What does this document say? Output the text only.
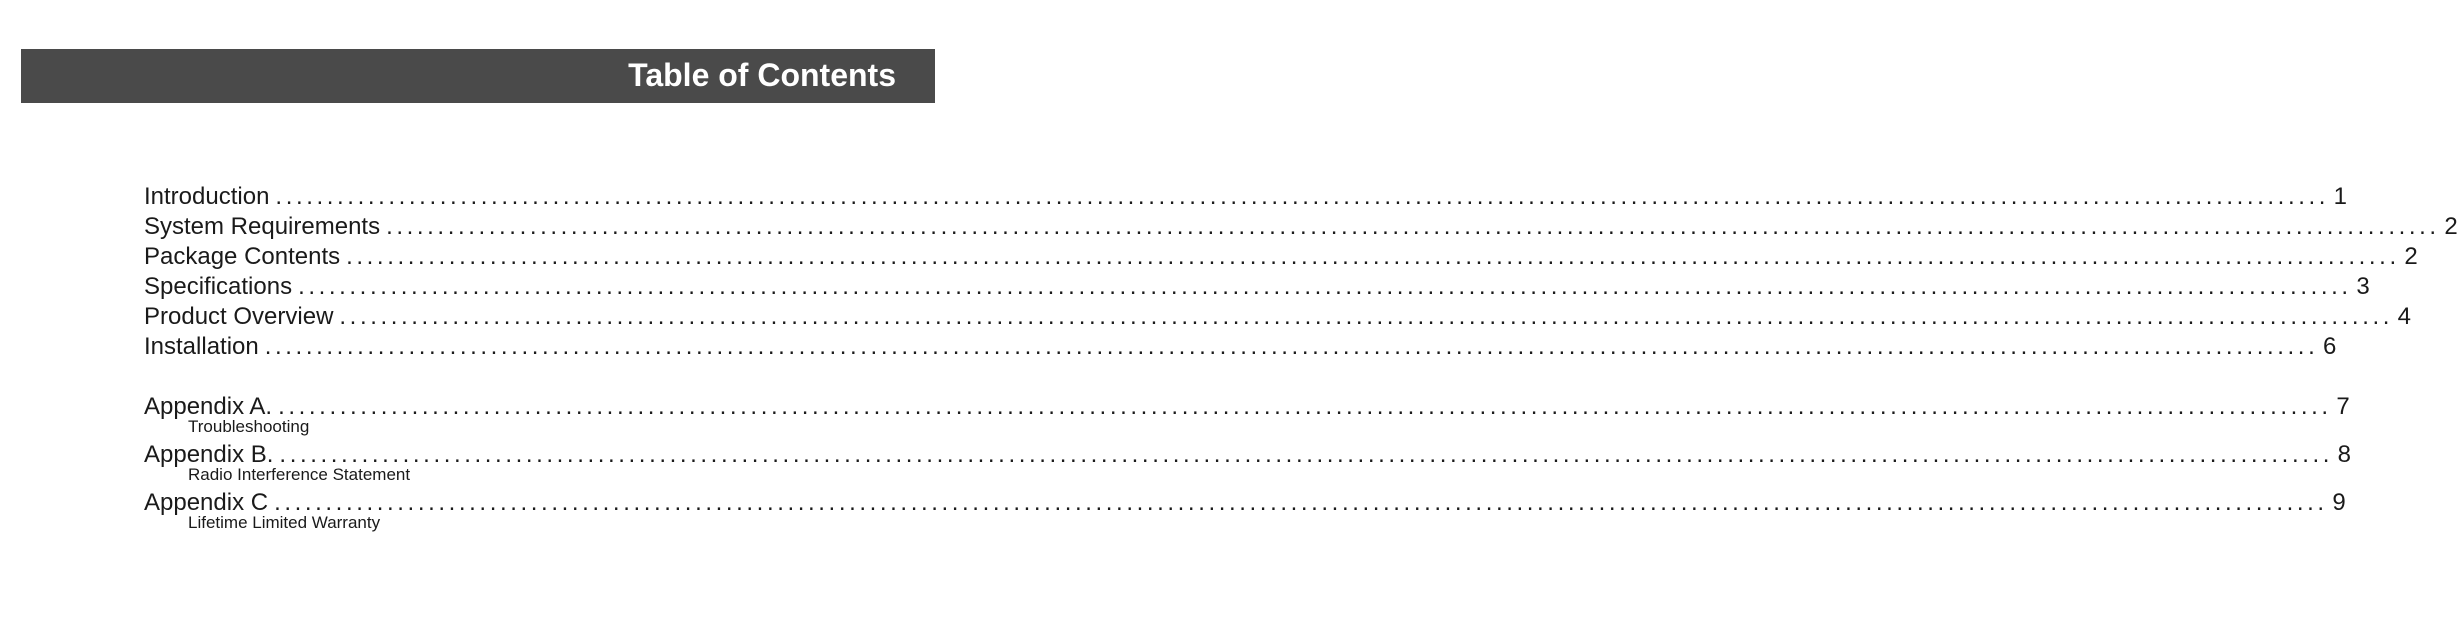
Table of Contents
Introduction ........................................................................................................................................................................................................ 1
System Requirements ........................................................................................................................................................................................................ 2
Package Contents ........................................................................................................................................................................................................ 2
Specifications ........................................................................................................................................................................................................ 3
Product Overview ........................................................................................................................................................................................................ 4
Installation ........................................................................................................................................................................................................ 6
Appendix A. ........................................................................................................................................................................................................ 7
Troubleshooting
Appendix B. ........................................................................................................................................................................................................ 8
Radio Interference Statement
Appendix C ........................................................................................................................................................................................................ 9
Lifetime Limited Warranty
